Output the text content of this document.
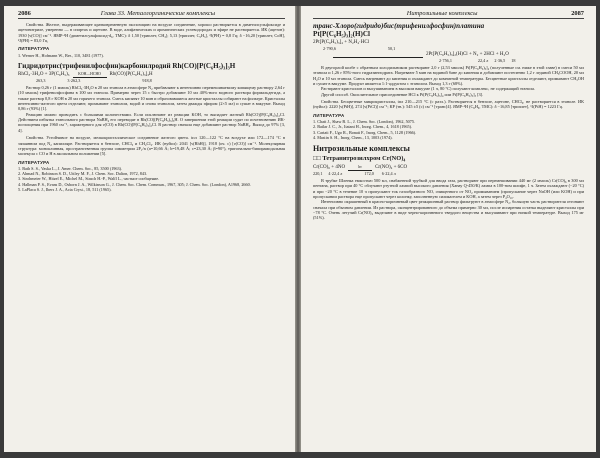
2086	Глава 33. Металлорганические комплексы

Свойства. Желтое, выдерживающее кратковременную экспозицию на воздухе соединение, хорошо растворяется в диметилсульфоксиде и ацетонитриле, умеренно — в спиртах и ацетоне. В воде, алифатических и ароматических углеводородах и эфире не растворяется. ИК (ацетон): 1930 [ν(CO)] см⁻¹. ЯМР-¹H (диметилсульфоксид-d₆, ТМС): δ 1,50 [триплет, CH₃]; 5,13 [триплет, C₅H₅], ²J(PH) = 0,8 Гц; δ −16,20 [триплет, CoH], ²J(PH) = 83,0 Гц.

ЛИТЕРАТУРА
1. Werner H., Hofmann W., Ber., 110, 3481 (1977).
Гидридотрис(трифенилфосфин)карбонилродий Rh(CO)[P(C₆H₅)₃]₃H
RhCl₃·3H₂O + 3P(C₆H₅)₃	KOH—HCHO	Rh(CO)[P(C₆H₅)₃]₃H
263,3	3·262,3	918,8

Раствор 0,26 г (1 ммоль) RhCl₃·3H₂O в 20 мл этанола в атмосфере N₂ прибавляют к интенсивно перемешиваемому кипящему раствору 2,64 г (10 ммоль) трифенилфосфина в 100 мл этанола. Примерно через 15 с быстро добавляют 10 мл 40%-ного водного раствора формальдегида, а также раствор 0,8 г KOH в 20 мл горячего этанола. Смесь кипятят 10 мин и образовавшиеся желтые кристаллы собирают на фильтре. Кристаллы интенсивно-желтого цвета отделяют, промывают этанолом, водой и снова этанолом, затем дважды эфиром (2×5 мл) и сушат в вакууме. Выход 0,86 г (93%) [1].

Реакцию можно проводить с большими количествами. Если исключают из реакции KOH, то выпадает желтый Rh(CO)[P(C₆H₅)₃]₂Cl. Действием избытка этанольного раствора NaBH₄ его переводят в Rh(CO)[P(C₆H₅)₃]₃H. О завершении этой реакции судят по исчезновению ИК-поглощения при 1960 см⁻¹, характерного для ν(CO) в Rh(CO)[P(C₆H₅)₃]₂Cl. В раствор сначала еще добавляют раствор NaBH₄. Выход до 97% [3, 4].

Свойства. Устойчивое на воздухе, мелкокристаллическое соединение желтого цвета. tпл 120—122 °C на воздухе или 172—174 °C в запаянном под N₂ капилляре. Растворяется в бензоле, CHCl₃ и CH₂Cl₂. ИК (нуйол): 2041 [ν(RhH)], 1918 (оч. с) [ν(CO)] см⁻¹. Молекулярная структура: моноклинная, пространственная группа симметрии 2P₁/n (a=10,66 Å; b=19,48 Å; c=23,30 Å; β=90°), тригонально-бипирамидальная молекула с CO и H в аксиальном положении [5].

ЛИТЕРАТУРА
1. Bath S. S., Vaska L., J. Amer. Chem. Soc., 85, 3500 (1963).
2. Ahmad N., Robinson S. D., Uttley M. F., J. Chem. Soc. Dalton, 1972, 843.
3. Strohmeier W., Hitzel E., Michel M., Stasch H.-P., Walfl L., частное сообщение.
4. Hallman P. S., Evans D., Osborn J. A., Wilkinson G., J. Chem. Soc. Chem. Commun., 1967, 305; J. Chem. Soc. (London), A1968, 2660.
5. LaPlaca S. J., Ibers J. A., Acta Cryst., 18, 511 (1965).
Нитрозильные комплексы	2087
транс-Хлоро(гидридо)бис(трифенилфосфин)платина
Pt[P(C₆H₅)₃]₂(H)Cl
2Pt[P(C₆H₅)₃]₄ + N₂H₄·HCl
2·790,6	50,1
2Pt[P(C₆H₅)₃]₂(H)Cl + N₂ + 2HCl + H₂O
2·756,1	22,4 л 2·36,5 18

В двугорлой колбе с обратным холодильником растворяют 2,0 г (2,53 ммоль) Pt[P(C₆H₅)₃]₄ (полученные см. ниже в этой главе) в смеси 50 мл этанола и 1,26 г 85%-ного гидразингидрата. Нагревают 5 мин на водяной бане до кипения и добавляют постепенно 1,2 г ледяной CH₃COOH, 20 мл H₂O и 10 мл этанола. Смесь нагревают до кипения и охлаждают до комнатной температуры. Бесцветные кристаллы отделяют, промывают CH₃OH и сушат в вакууме. Продукт является 1:1-аддуктом с этанолом. Выход 1,3 г (68%).

Растирают кристаллов и высушиванием в высоком вакууме (1 ч, 80 °C) получают комплекс, не содержащий этанола.

Другой способ. Окислительное присоединение HCl к Pt[P(C₆H₅)₃]₄ или Pt[P(C₆H₅)₃]₃ [3].

Свойства. Бесцветные микрокристаллы, tпл 210—215 °C (с разл.). Растворяется в бензоле, ацетоне, CHCl₃, не растворяется в этаноле. ИК (нуйол): 2220 [ν(PtH)], 274 [ν(PtCl)] см⁻¹; КР (тв.): 545 ±5 (с) см⁻¹ [транс[4]. ЯМР-¹H (C₆H₆, ТМС): δ −16,85 [триплет], ¹J(PtH) = 1223 Гц.

ЛИТЕРАТУРА
1. Chatt J., Shaw B. L., J. Chem. Soc. (London), 1962, 5075.
2. Bailar J. C., Jr., Itatani H., Inorg. Chem., 4, 1618 (1965).
3. Cariati F., Ugo R., Bonati F., Inorg. Chem., 5, 1128 (1966).
4. Mastin S. H., Inorg. Chem., 13, 1003 (1974).
Нитрозильные комплексы
□□ Тетранитрозилхром Cr(NO)₄
Cr(CO)₆ + 4NO	hν	Cr(NO)₄ + 6CO
220,1 4·22,4 л	172,0 6·22,4 л

В трубке Шленка емкостью 500 мл, снабженной трубкой для ввода газа, растворяют при перемешивании 440 мг (2 ммоль) Cr(CO)₆ в 300 мл пентана, раствор при 40 °C облучают ртутной лампой высокого давления (Ханау Q-450/К) лампа в 100-ном шлифе, 1 ч. Затем охлаждают (−20 °C) и при −20 °C в течение 10 ч пропускают ток газообразного NO, очищенного от NO₂ промыванием (пропускание через NaOH (или KOH) и при пропускании раствора еще пропускают через колонку, заполненную силикагелем и KOH, а затем через P₄O₁₀.

Интенсивно окрашенный в красно-коричневый цвет реакционный раствор фильтруют в атмосфере N₂, большую часть растворителя отгоняют сначала при обычном давлении. Из раствора, сконцентрированного до объема примерно 30 мл, после испарения остатка выделяют кристаллы при −78 °C. Очень летучий Cr(NO)₄ выделяют в виде черно-коричневого твердого вещества и высушивают при низкой температуре. Выход 175 мг (51%).
